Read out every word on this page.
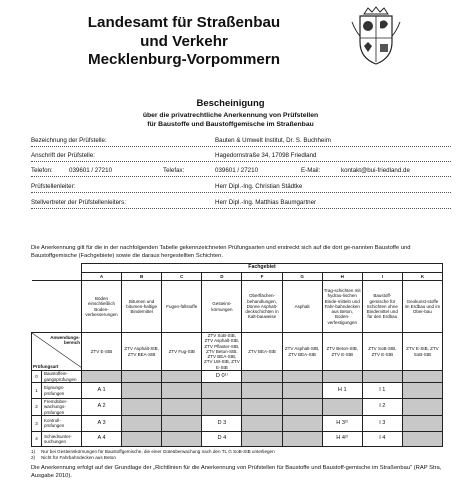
Landesamt für Straßenbau
und Verkehr
Mecklenburg-Vorpommern
Bescheinigung
über die privatrechtliche Anerkennung von Prüfstellen
für Baustoffe und Baustoffgemische im Straßenbau
Bezeichnung der Prüfstelle:	Bauten & Umwelt Institut, Dr. S. Buchheim
Anschrift der Prüfstelle:	Hagedornstraße 34, 17098 Friedland
Telefon:	039601 / 27210	Telefax:	039601 / 27210	E-Mail:	kontakt@bui-friedland.de
Prüfstellenleiter:	Herr Dipl.-Ing. Christian Städtke
Stellvertreter der Prüfstellenleiters:	Herr Dipl.-Ing. Matthias Baumgartner
Die Anerkennung gilt für die in der nachfolgenden Tabelle gekennzeichneten Prüfungsarten und erstreckt sich auf die dort ge-nannten Baustoffe und Baustoffgemische (Fachgebiete) sowie die daraus hergestellten Schichten.
		Fachgebiet								
		A	B	C	D	F	G	H	I	K
		Böden einschließlich Boden-verbesserungen	Bitumen und bitumen-haltige Bindemittel	Fugen-füllstoffe	Gesteins-körnungen	Oberflächen-behandlungen, Dünne Asphalt-deckschichten in Kalt-bauweise	Asphalt	Trag-schichten mit hydrau-lischen Binde-mitteln und Fahr-bahndecken aus Beton, Boden-verfestigungen	Baustoff-gemische für Schichten ohne Bindemittel und für den Erdbau	Geokunst-stoffe im Erdbau und im Ober-bau

Anwendungs-bereich
Prüfungsart		ZTV E-StB	ZTV Asphalt-StB, ZTV BEA-StB	ZTV Fug-StB	ZTV SoB-StB, ZTV Asphalt-StB, ZTV Pflaster-StB, ZTV Beton-StB, ZTV BEA-StB, ZTV LW-StB, ZTV E-StB	ZTV BEA-StB	ZTV Asphalt-StB, ZTV BEA-StB	ZTV Beton-StB, ZTV E-StB	ZTV SoB-StB, ZTV E-StB	ZTV E-StB, ZTV SoB-StB
0	Baustoffein-gangsprüfungen				D 0¹⁾					
1	Eignungs-prüfungen	A 1						H 1	I 1	
2	Fremdüber-wachungs-prüfungen	A 2							I 2	
3	Kontroll-prüfungen	A 3			D 3			H 3²⁾	I 3	
4	Schiedsunter-suchungen	A 4			D 4			H 4²⁾	I 4	
1) Nur bei Gesteinskörnungen für Baustoffgemische, die einer Güteüberwachung nach den TL G SoB-StB unterliegen
2) Nicht für Fahrbahndecken aus Beton
Die Anerkennung erfolgt auf der Grundlage der „Richtlinien für die Anerkennung von Prüfstellen für Baustoffe und Baustoff-gemische im Straßenbau" (RAP Stra, Ausgabe 2010).
